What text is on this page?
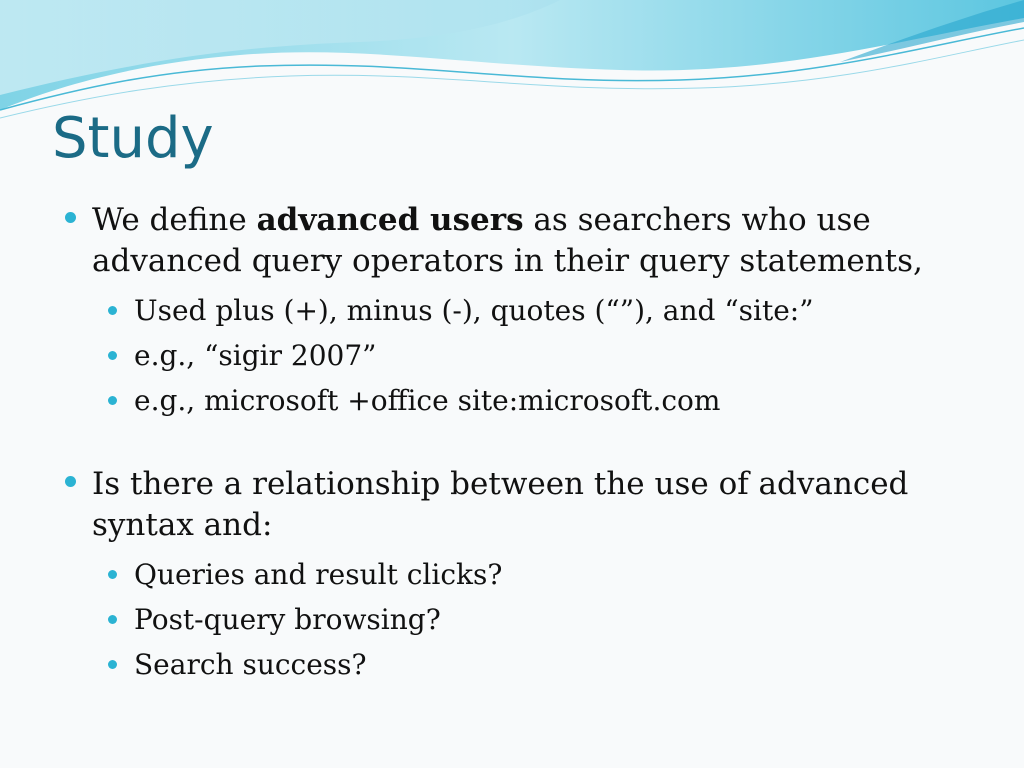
Study

We define advanced users as searchers who use advanced query operators in their query statements,

Used plus (+), minus (-), quotes (“”), and “site:”

e.g., “sigir 2007”

e.g., microsoft +office site:microsoft.com

Is there a relationship between the use of advanced syntax and:

Queries and result clicks?

Post-query browsing?

Search success?
